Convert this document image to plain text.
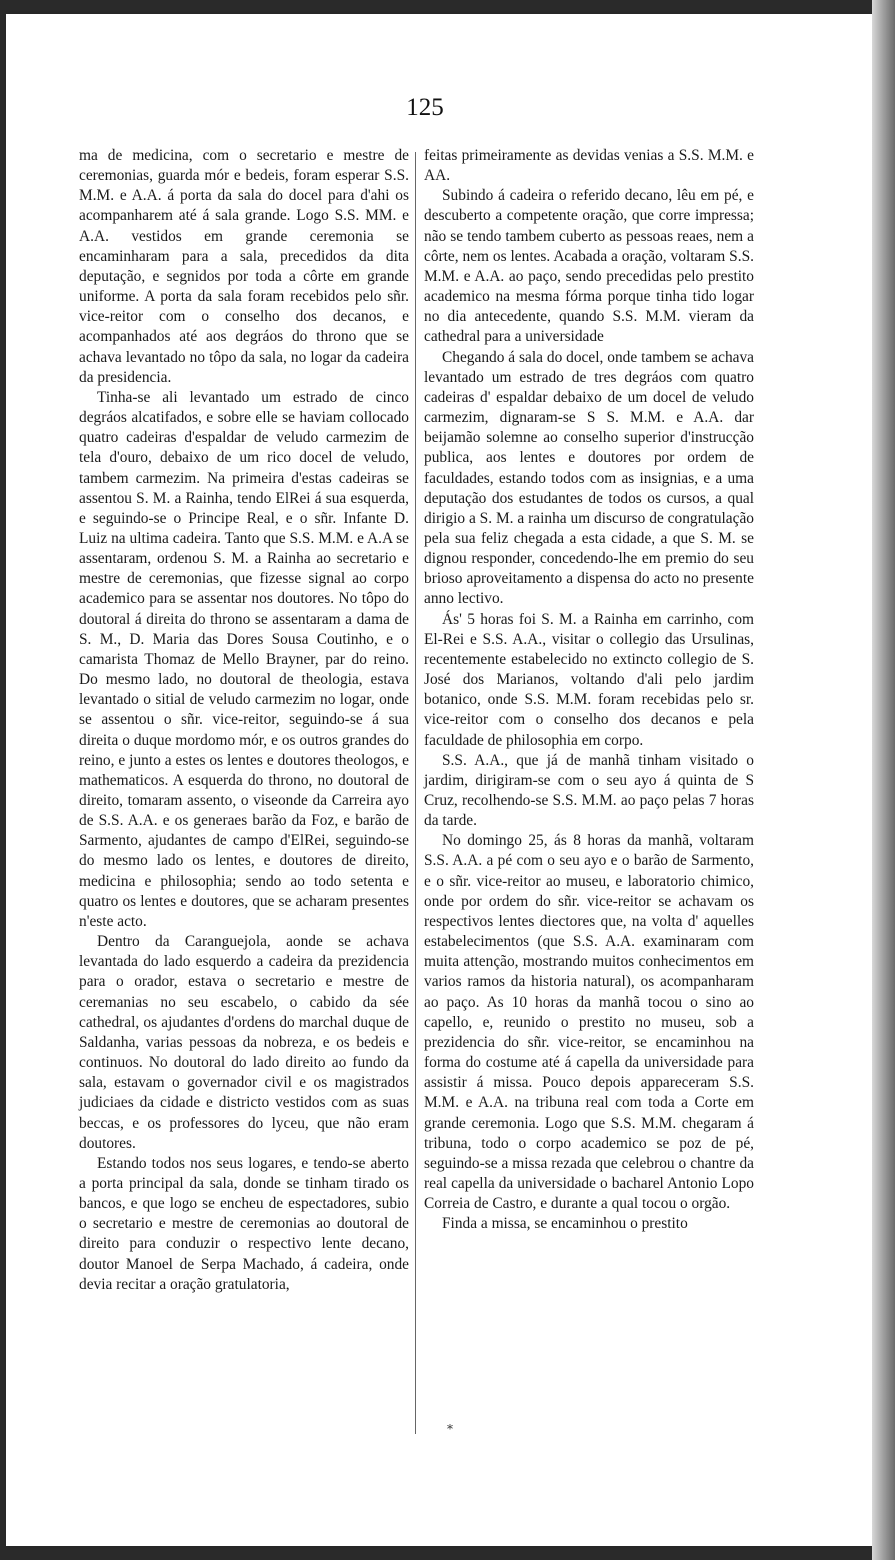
125

ma de medicina, com o secretario e mestre de ceremonias, guarda mór e bedeis, foram esperar S.S. M.M. e A.A. á porta da sala do docel para d'ahi os acompanharem até á sala grande. Logo S.S. MM. e A.A. vestidos em grande ceremonia se encaminharam para a sala, precedidos da dita deputação, e segnidos por toda a côrte em grande uniforme. A porta da sala foram recebidos pelo sñr. vice-reitor com o conselho dos decanos, e acompanhados até aos degráos do throno que se achava levantado no tôpo da sala, no logar da cadeira da presidencia.

Tinha-se ali levantado um estrado de cinco degráos alcatifados, e sobre elle se haviam collocado quatro cadeiras d'espaldar de veludo carmezim de tela d'ouro, debaixo de um rico docel de veludo, tambem carmezim. Na primeira d'estas cadeiras se assentou S. M. a Rainha, tendo ElRei á sua esquerda, e seguindo-se o Principe Real, e o sñr. Infante D. Luiz na ultima cadeira. Tanto que S.S. M.M. e A.A se assentaram, ordenou S. M. a Rainha ao secretario e mestre de ceremonias, que fizesse signal ao corpo academico para se assentar nos doutores. No tôpo do doutoral á direita do throno se assentaram a dama de S. M., D. Maria das Dores Sousa Coutinho, e o camarista Thomaz de Mello Brayner, par do reino. Do mesmo lado, no doutoral de theologia, estava levantado o sitial de veludo carmezim no logar, onde se assentou o sñr. vice-reitor, seguindo-se á sua direita o duque mordomo mór, e os outros grandes do reino, e junto a estes os lentes e doutores theologos, e mathematicos. A esquerda do throno, no doutoral de direito, tomaram assento, o viseonde da Carreira ayo de S.S. A.A. e os generaes barão da Foz, e barão de Sarmento, ajudantes de campo d'ElRei, seguindo-se do mesmo lado os lentes, e doutores de direito, medicina e philosophia; sendo ao todo setenta e quatro os lentes e doutores, que se acharam presentes n'este acto.

Dentro da Caranguejola, aonde se achava levantada do lado esquerdo a cadeira da prezidencia para o orador, estava o secretario e mestre de ceremanias no seu escabelo, o cabido da sée cathedral, os ajudantes d'ordens do marchal duque de Saldanha, varias pessoas da nobreza, e os bedeis e continuos. No doutoral do lado direito ao fundo da sala, estavam o governador civil e os magistrados judiciaes da cidade e districto vestidos com as suas beccas, e os professores do lyceu, que não eram doutores.

Estando todos nos seus logares, e tendo-se aberto a porta principal da sala, donde se tinham tirado os bancos, e que logo se encheu de espectadores, subio o secretario e mestre de ceremonias ao doutoral de direito para conduzir o respectivo lente decano, doutor Manoel de Serpa Machado, á cadeira, onde devia recitar a oração gratulatoria,

feitas primeiramente as devidas venias a S.S. M.M. e AA.

Subindo á cadeira o referido decano, lêu em pé, e descuberto a competente oração, que corre impressa; não se tendo tambem cuberto as pessoas reaes, nem a côrte, nem os lentes. Acabada a oração, voltaram S.S. M.M. e A.A. ao paço, sendo precedidas pelo prestito academico na mesma fórma porque tinha tido logar no dia antecedente, quando S.S. M.M. vieram da cathedral para a universidade

Chegando á sala do docel, onde tambem se achava levantado um estrado de tres degráos com quatro cadeiras d' espaldar debaixo de um docel de veludo carmezim, dignaram-se S S. M.M. e A.A. dar beijamão solemne ao conselho superior d'instrucção publica, aos lentes e doutores por ordem de faculdades, estando todos com as insignias, e a uma deputação dos estudantes de todos os cursos, a qual dirigio a S. M. a rainha um discurso de congratulação pela sua feliz chegada a esta cidade, a que S. M. se dignou responder, concedendo-lhe em premio do seu brioso aproveitamento a dispensa do acto no presente anno lectivo.

Ás' 5 horas foi S. M. a Rainha em carrinho, com El-Rei e S.S. A.A., visitar o collegio das Ursulinas, recentemente estabelecido no extincto collegio de S. José dos Marianos, voltando d'ali pelo jardim botanico, onde S.S. M.M. foram recebidas pelo sr. vice-reitor com o conselho dos decanos e pela faculdade de philosophia em corpo.

S.S. A.A., que já de manhã tinham visitado o jardim, dirigiram-se com o seu ayo á quinta de S Cruz, recolhendo-se S.S. M.M. ao paço pelas 7 horas da tarde.

No domingo 25, ás 8 horas da manhã, voltaram S.S. A.A. a pé com o seu ayo e o barão de Sarmento, e o sñr. vice-reitor ao museu, e laboratorio chimico, onde por ordem do sñr. vice-reitor se achavam os respectivos lentes diectores que, na volta d' aquelles estabelecimentos (que S.S. A.A. examinaram com muita attenção, mostrando muitos conhecimentos em varios ramos da historia natural), os acompanharam ao paço. As 10 horas da manhã tocou o sino ao capello, e, reunido o prestito no museu, sob a prezidencia do sñr. vice-reitor, se encaminhou na forma do costume até á capella da universidade para assistir á missa. Pouco depois appareceram S.S. M.M. e A.A. na tribuna real com toda a Corte em grande ceremonia. Logo que S.S. M.M. chegaram á tribuna, todo o corpo academico se poz de pé, seguindo-se a missa rezada que celebrou o chantre da real capella da universidade o bacharel Antonio Lopo Correia de Castro, e durante a qual tocou o orgão.

Finda a missa, se encaminhou o prestito

*
